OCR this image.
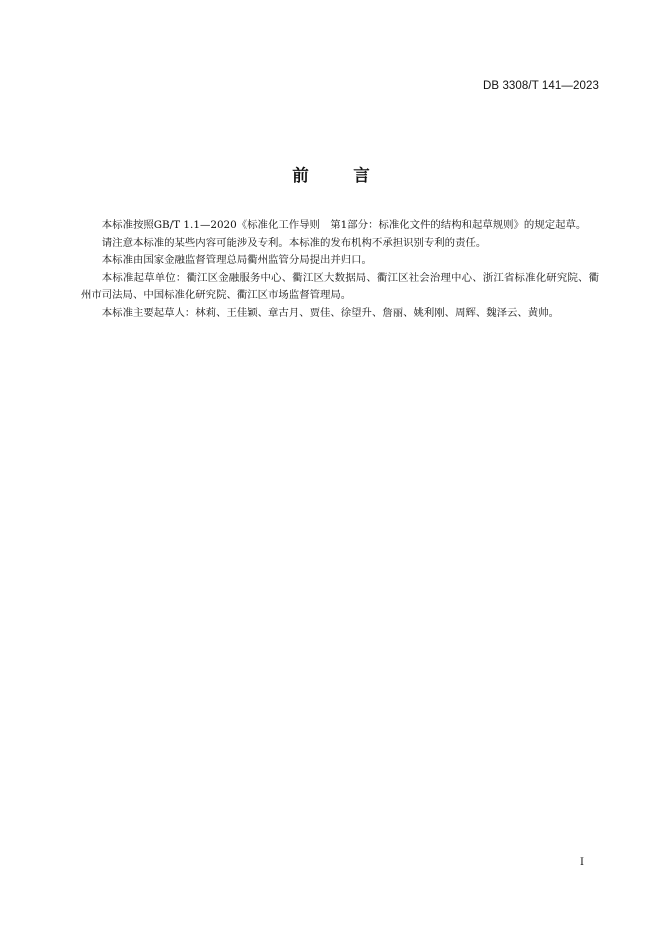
DB 3308/T 141—2023
前　言

本标准按照GB/T 1.1—2020《标准化工作导则　第1部分：标准化文件的结构和起草规则》的规定起草。

请注意本标准的某些内容可能涉及专利。本标准的发布机构不承担识别专利的责任。

本标准由国家金融监督管理总局衢州监管分局提出并归口。

本标准起草单位：衢江区金融服务中心、衢江区大数据局、衢江区社会治理中心、浙江省标准化研究院、衢州市司法局、中国标准化研究院、衢江区市场监督管理局。

本标准主要起草人：林莉、王佳颖、章古月、贾佳、徐望升、詹丽、姚利刚、周辉、魏泽云、黄帅。

I
